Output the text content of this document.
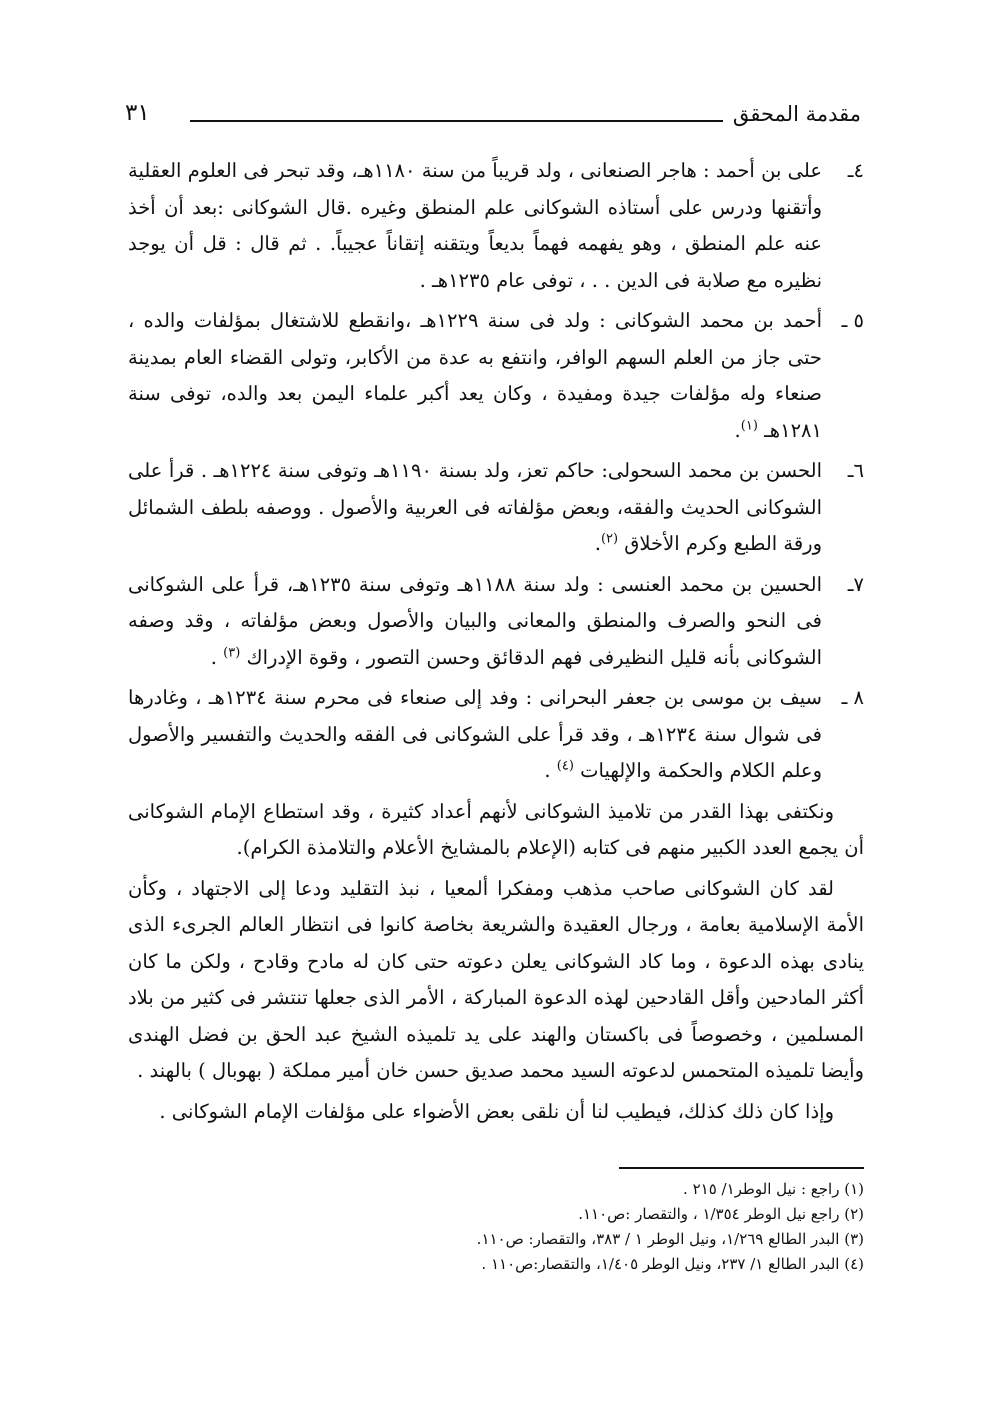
مقدمة المحقق
٣١
٤ـ
على بن أحمد : هاجر الصنعانى ، ولد قريباً من سنة ١١٨٠هـ، وقد تبحر فى العلوم العقلية وأتقنها ودرس على أستاذه الشوكانى علم المنطق وغيره .قال الشوكانى :بعد أن أخذ عنه علم المنطق ، وهو يفهمه فهماً بديعاً ويتقنه إتقاناً عجيباً. . ثم قال : قل أن يوجد نظيره مع صلابة فى الدين . . ، توفى عام ١٢٣٥هـ .
٥ ـ
أحمد بن محمد الشوكانى : ولد فى سنة ١٢٢٩هـ ،وانقطع للاشتغال بمؤلفات والده ، حتى جاز من العلم السهم الوافر، وانتفع به عدة من الأكابر، وتولى القضاء العام بمدينة صنعاء وله مؤلفات جيدة ومفيدة ، وكان يعد أكبر علماء اليمن بعد والده، توفى سنة ١٢٨١هـ $^{(١)}$.
٦ـ
الحسن بن محمد السحولى: حاكم تعز، ولد بسنة ١١٩٠هـ وتوفى سنة ١٢٢٤هـ . قرأ على الشوكانى الحديث والفقه، وبعض مؤلفاته فى العربية والأصول . ووصفه بلطف الشمائل ورقة الطبع وكرم الأخلاق $^{(٢)}$.
٧ـ
الحسين بن محمد العنسى : ولد سنة ١١٨٨هـ وتوفى سنة ١٢٣٥هـ، قرأ على الشوكانى فى النحو والصرف والمنطق والمعانى والبيان والأصول وبعض مؤلفاته ، وقد وصفه الشوكانى بأنه قليل النظيرفى فهم الدقائق وحسن التصور ، وقوة الإدراك $^{(٣)}$ .
٨ ـ
سيف بن موسى بن جعفر البحرانى : وفد إلى صنعاء فى محرم سنة ١٢٣٤هـ ، وغادرها فى شوال سنة ١٢٣٤هـ ، وقد قرأ على الشوكانى فى الفقه والحديث والتفسير والأصول وعلم الكلام والحكمة والإلهيات $^{(٤)}$ .
ونكتفى بهذا القدر من تلاميذ الشوكانى لأنهم أعداد كثيرة ، وقد استطاع الإمام الشوكانى أن يجمع العدد الكبير منهم فى كتابه (الإعلام بالمشايخ الأعلام والتلامذة الكرام).
لقد كان الشوكانى صاحب مذهب ومفكرا ألمعيا ، نبذ التقليد ودعا إلى الاجتهاد ، وكأن الأمة الإسلامية بعامة ، ورجال العقيدة والشريعة بخاصة كانوا فى انتظار العالم الجرىء الذى ينادى بهذه الدعوة ، وما كاد الشوكانى يعلن دعوته حتى كان له مادح وقادح ، ولكن ما كان أكثر المادحين وأقل القادحين لهذه الدعوة المباركة ، الأمر الذى جعلها تنتشر فى كثير من بلاد المسلمين ، وخصوصاً فى باكستان والهند على يد تلميذه الشيخ عبد الحق بن فضل الهندى وأيضا تلميذه المتحمس لدعوته السيد محمد صديق حسن خان أمير مملكة ( بهوبال ) بالهند .
وإذا كان ذلك كذلك، فيطيب لنا أن نلقى بعض الأضواء على مؤلفات الإمام الشوكانى .
(١) راجع : نيل الوطر١/ ٢١٥ .
(٢) راجع نيل الوطر ١/٣٥٤ ، والتقصار :ص١١٠.
(٣) البدر الطالع ١/٢٦٩، ونيل الوطر ١ / ٣٨٣، والتقصار: ص١١٠.
(٤) البدر الطالع ١/ ٢٣٧، ونيل الوطر ١/٤٠٥، والتقصار:ص١١٠ .
